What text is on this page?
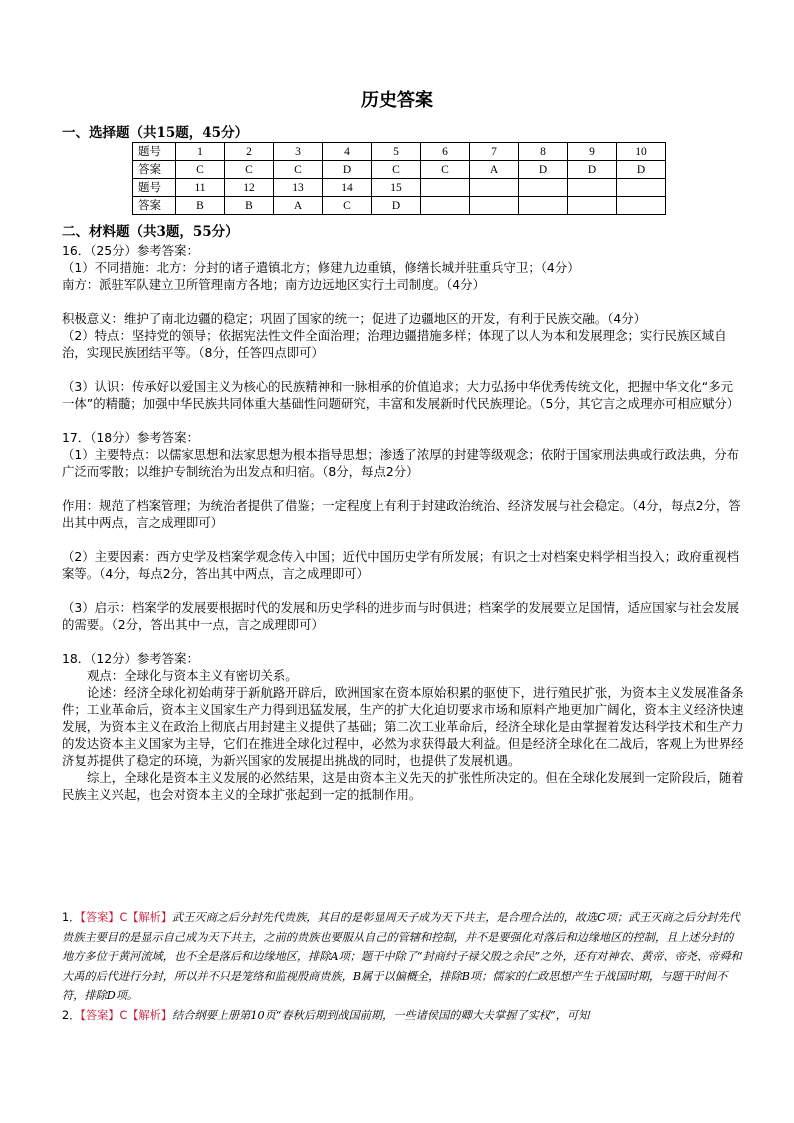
历史答案
一、选择题（共15题，45分）
题号	1	2	3	4	5	6	7	8	9	10
答案	C	C	C	D	C	C	A	D	D	D
题号	11	12	13	14	15					
答案	B	B	A	C	D					
二、材料题（共3题，55分）

16．（25分）参考答案：

（1）不同措施：北方：分封的诸子遣镇北方；修建九边重镇，修缮长城并驻重兵守卫；（4分）

南方：派驻军队建立卫所管理南方各地；南方边远地区实行土司制度。（4分）

积极意义：维护了南北边疆的稳定；巩固了国家的统一；促进了边疆地区的开发，有利于民族交融。（4分）

（2）特点：坚持党的领导；依据宪法性文件全面治理；治理边疆措施多样；体现了以人为本和发展理念；实行民族区域自治，实现民族团结平等。（8分，任答四点即可）

（3）认识：传承好以爱国主义为核心的民族精神和一脉相承的价值追求；大力弘扬中华优秀传统文化，把握中华文化“多元一体”的精髓；加强中华民族共同体重大基础性问题研究，丰富和发展新时代民族理论。（5分，其它言之成理亦可相应赋分）

17．（18分）参考答案：

（1）主要特点：以儒家思想和法家思想为根本指导思想；渗透了浓厚的封建等级观念；依附于国家刑法典或行政法典，分布广泛而零散；以维护专制统治为出发点和归宿。（8分，每点2分）

作用：规范了档案管理；为统治者提供了借鉴；一定程度上有利于封建政治统治、经济发展与社会稳定。（4分，每点2分，答出其中两点，言之成理即可）

（2）主要因素：西方史学及档案学观念传入中国；近代中国历史学有所发展；有识之士对档案史料学相当投入；政府重视档案等。（4分，每点2分，答出其中两点，言之成理即可）

（3）启示：档案学的发展要根据时代的发展和历史学科的进步而与时俱进；档案学的发展要立足国情，适应国家与社会发展的需要。（2分，答出其中一点，言之成理即可）

18．（12分）参考答案：

观点：全球化与资本主义有密切关系。

论述：经济全球化初始萌芽于新航路开辟后，欧洲国家在资本原始积累的驱使下，进行殖民扩张，为资本主义发展准备条件；工业革命后，资本主义国家生产力得到迅猛发展，生产的扩大化迫切要求市场和原料产地更加广阔化，资本主义经济快速发展，为资本主义在政治上彻底占用封建主义提供了基础；第二次工业革命后，经济全球化是由掌握着发达科学技术和生产力的发达资本主义国家为主导，它们在推进全球化过程中，必然为求获得最大利益。但是经济全球化在二战后，客观上为世界经济复苏提供了稳定的环境，为新兴国家的发展提出挑战的同时，也提供了发展机遇。

综上，全球化是资本主义发展的必然结果，这是由资本主义先天的扩张性所决定的。但在全球化发展到一定阶段后，随着民族主义兴起，也会对资本主义的全球扩张起到一定的抵制作用。

1．【答案】C【解析】武王灭商之后分封先代贵族，其目的是彰显周天子成为天下共主，是合理合法的，故选C项；武王灭商之后分封先代贵族主要目的是显示自己成为天下共主，之前的贵族也要服从自己的管辖和控制，并不是要强化对落后和边缘地区的控制，且上述分封的地方多位于黄河流域，也不全是落后和边缘地区，排除A项；题干中除了“封商纣子禄父殷之余民”之外，还有对神农、黄帝、帝尧、帝舜和大禹的后代进行分封，所以并不只是笼络和监视殷商贵族，B属于以偏概全，排除B项；儒家的仁政思想产生于战国时期，与题干时间不符，排除D项。

2．【答案】C【解析】结合纲要上册第10页“春秋后期到战国前期，一些诸侯国的卿大夫掌握了实权”，可知
